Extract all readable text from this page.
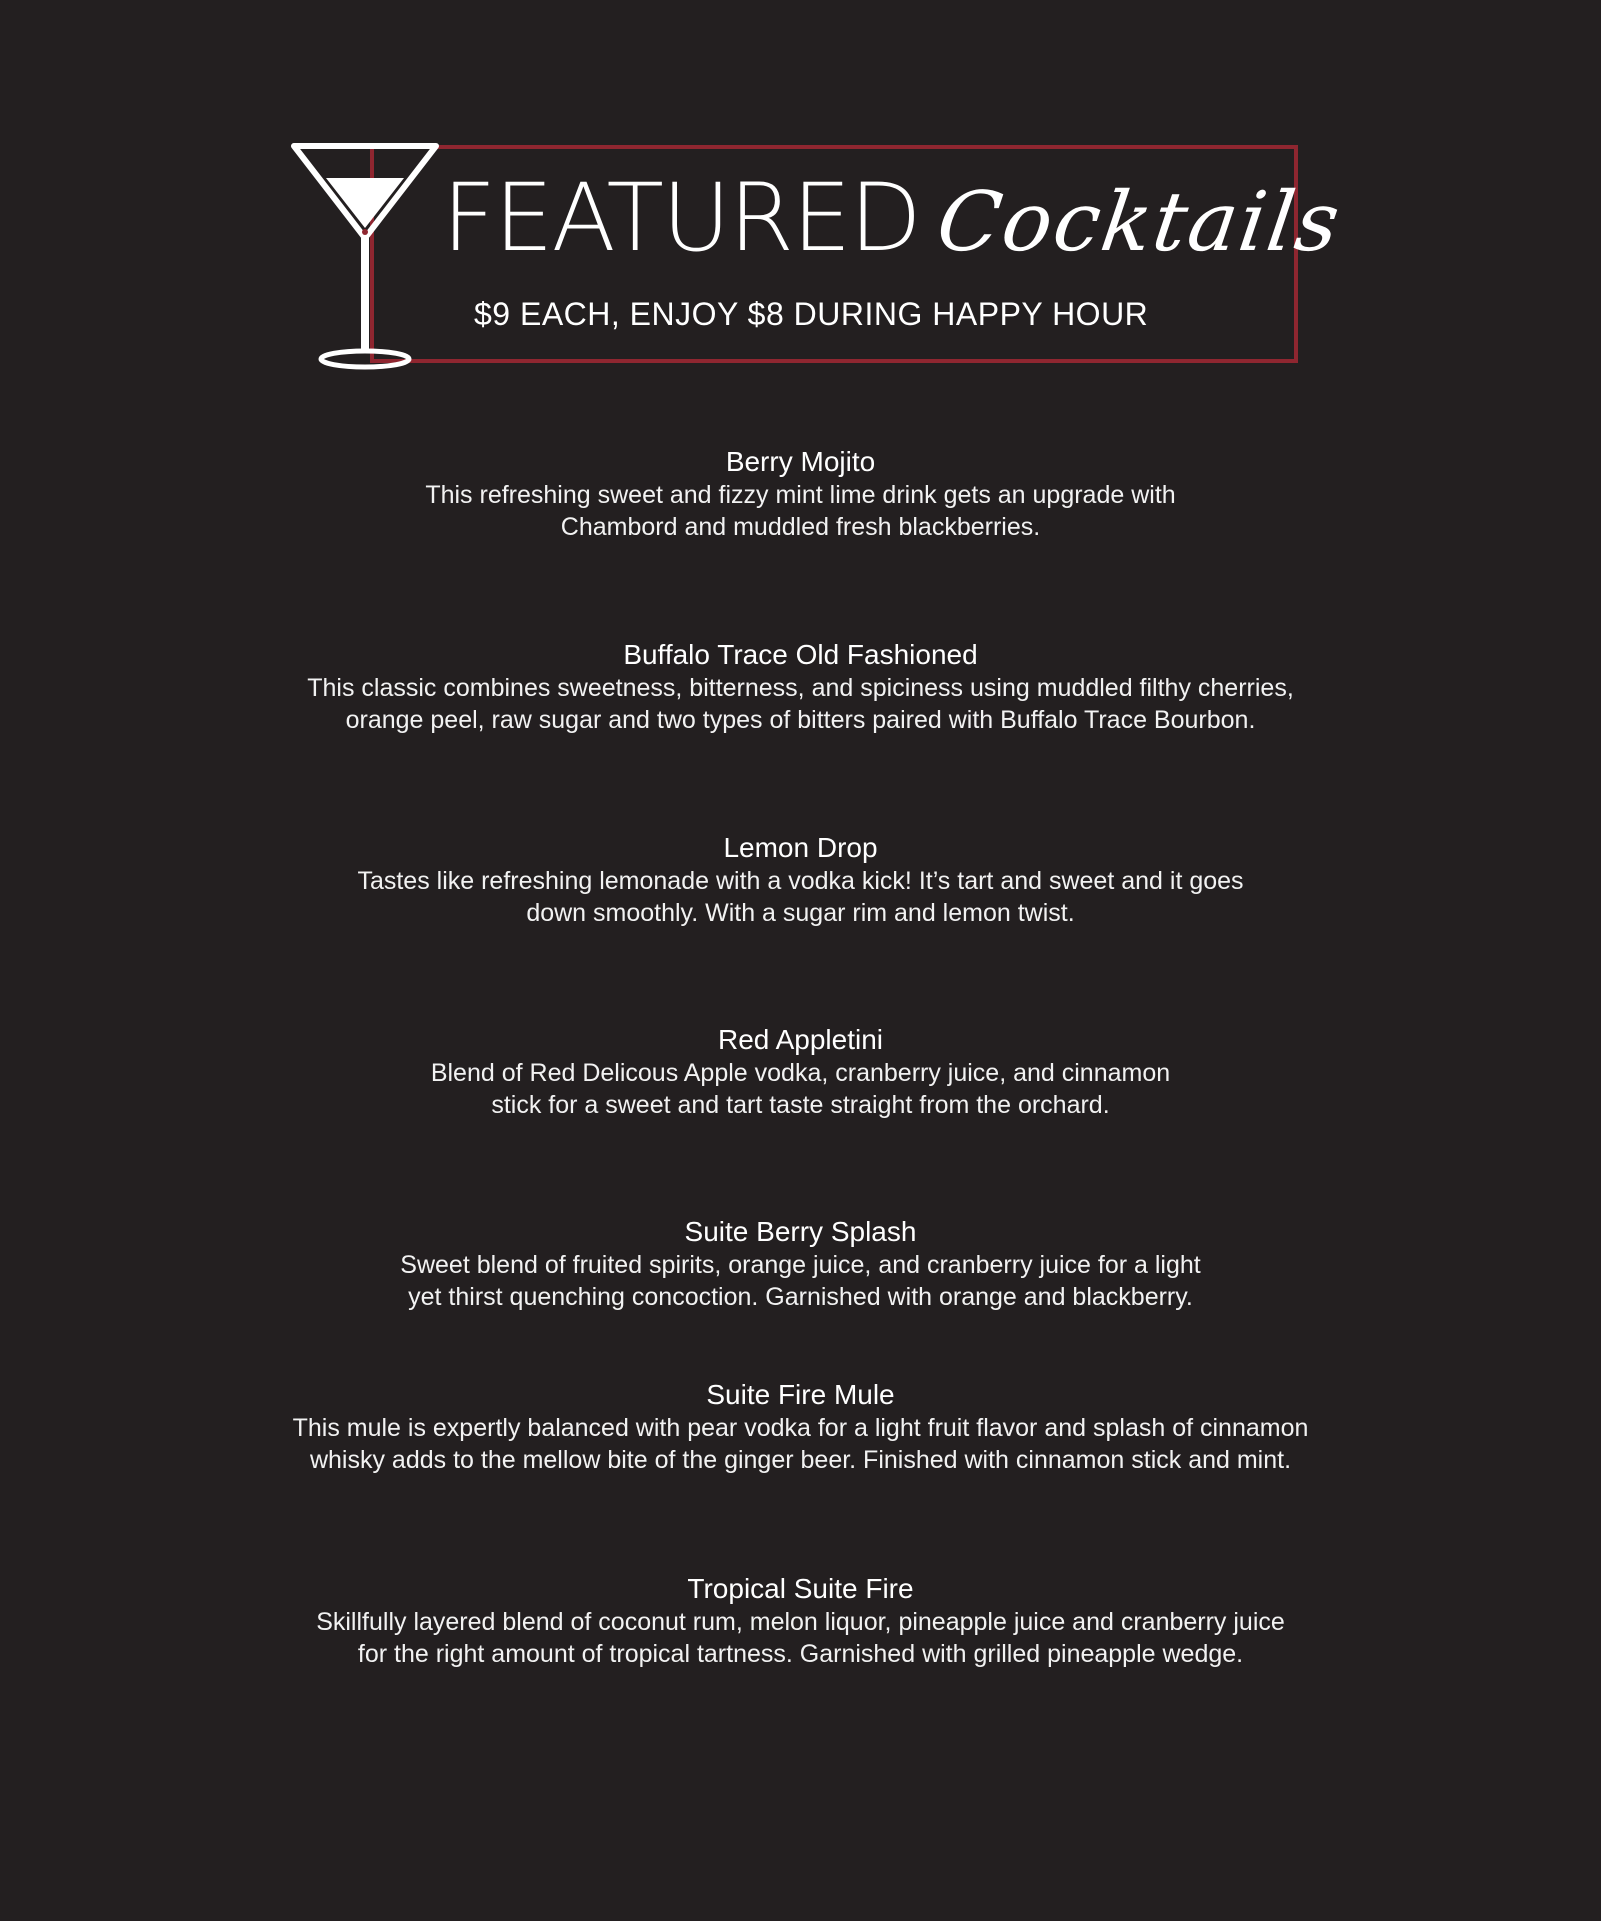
FEATURED Cocktails
$9 EACH, ENJOY $8 DURING HAPPY HOUR
Berry Mojito
This refreshing sweet and fizzy mint lime drink gets an upgrade with
Chambord and muddled fresh blackberries.
Buffalo Trace Old Fashioned
This classic combines sweetness, bitterness, and spiciness using muddled filthy cherries,
orange peel, raw sugar and two types of bitters paired with Buffalo Trace Bourbon.
Lemon Drop
Tastes like refreshing lemonade with a vodka kick! It’s tart and sweet and it goes
down smoothly. With a sugar rim and lemon twist.
Red Appletini
Blend of Red Delicous Apple vodka, cranberry juice, and cinnamon
stick for a sweet and tart taste straight from the orchard.
Suite Berry Splash
Sweet blend of fruited spirits, orange juice, and cranberry juice for a light
yet thirst quenching concoction. Garnished with orange and blackberry.
Suite Fire Mule
This mule is expertly balanced with pear vodka for a light fruit flavor and splash of cinnamon
whisky adds to the mellow bite of the ginger beer. Finished with cinnamon stick and mint.
Tropical Suite Fire
Skillfully layered blend of coconut rum, melon liquor, pineapple juice and cranberry juice
for the right amount of tropical tartness. Garnished with grilled pineapple wedge.
